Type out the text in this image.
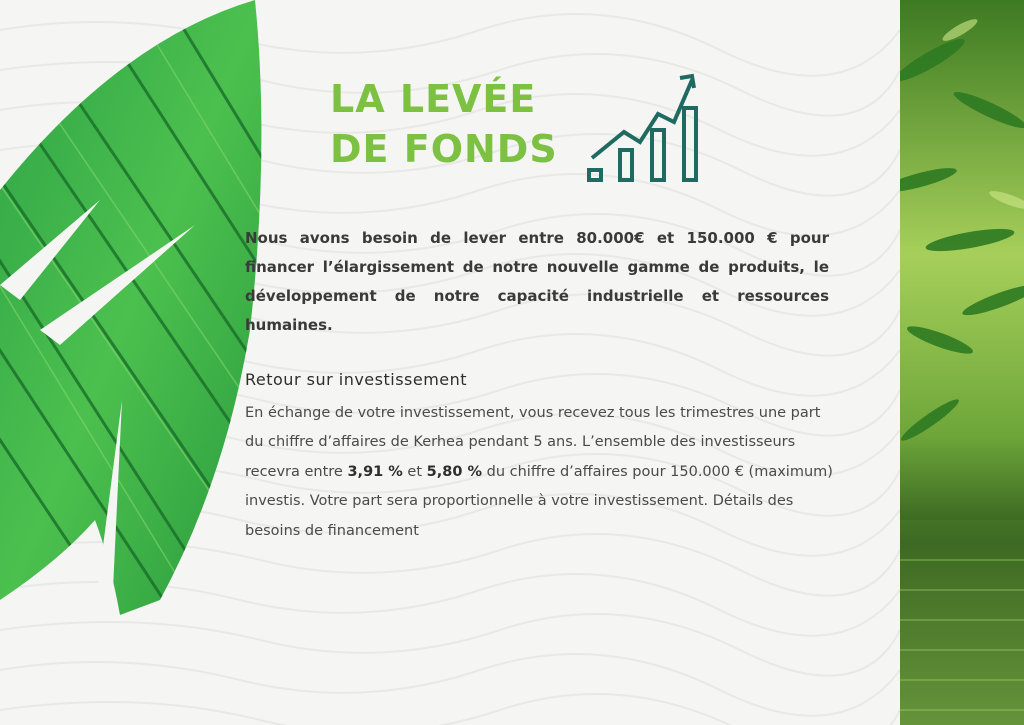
LA LEVÉE
DE FONDS

Nous avons besoin de lever entre 80.000€ et 150.000 € pour financer l’élargissement de notre nouvelle gamme de produits, le développement de notre capacité industrielle et ressources humaines.

Retour sur investissement

En échange de votre investissement, vous recevez tous les trimestres une part du chiffre d’affaires de Kerhea pendant 5 ans. L’ensemble des investisseurs recevra entre 3,91 % et 5,80 % du chiffre d’affaires pour 150.000 € (maximum) investis. Votre part sera proportionnelle à votre investissement. Détails des besoins de financement
